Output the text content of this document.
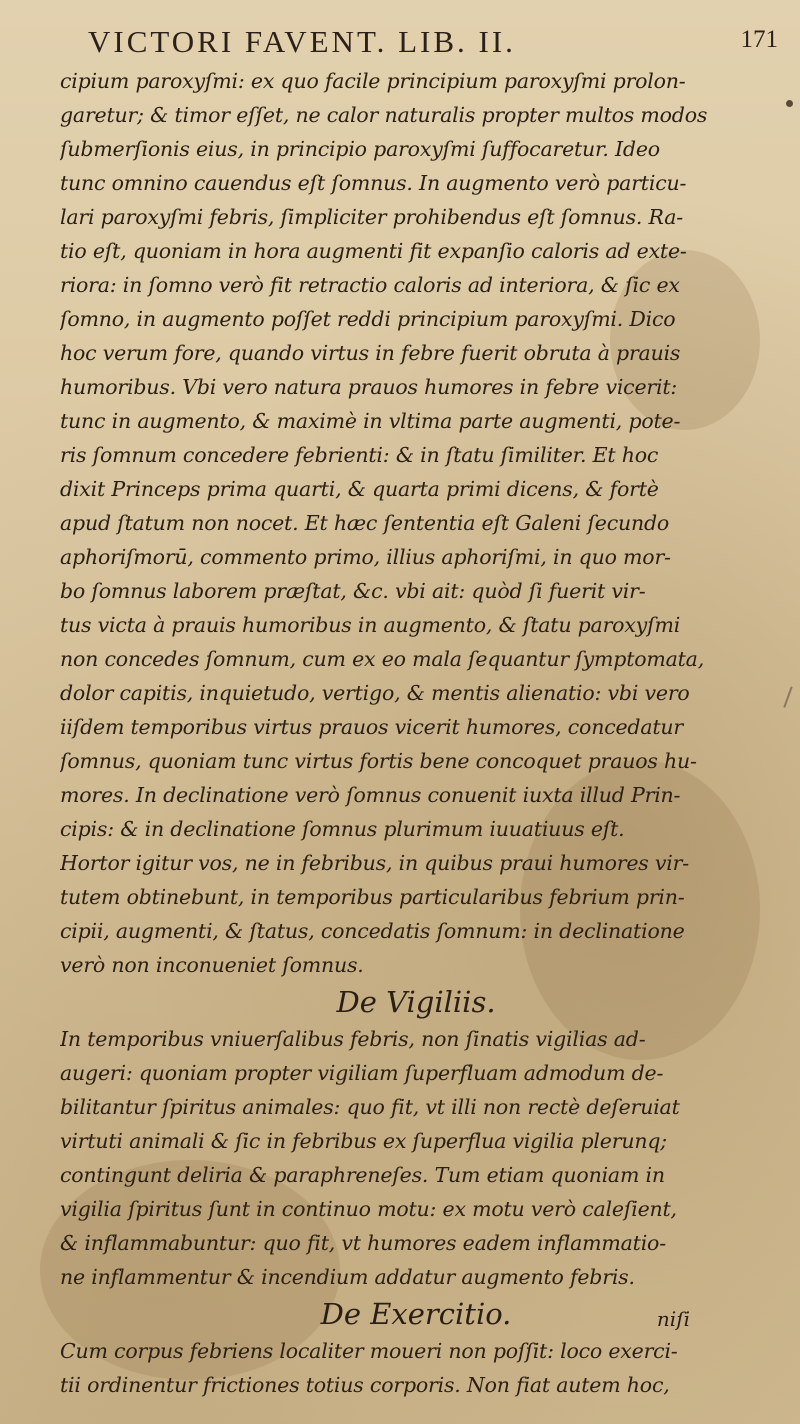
VICTORI FAVENT. LIB. II.	171
cipium paroxyſmi: ex quo facile principium paroxyſmi prolon-
garetur; & timor eſſet, ne calor naturalis propter multos modos
ſubmerſionis eius, in principio paroxyſmi ſuffocaretur. Ideo
tunc omnino cauendus eſt ſomnus. In augmento verò particu-
lari paroxyſmi febris, ſimpliciter prohibendus eſt ſomnus. Ra-
tio eſt, quoniam in hora augmenti fit expanſio caloris ad exte-
riora: in ſomno verò fit retractio caloris ad interiora, & ſic ex
ſomno, in augmento poſſet reddi principium paroxyſmi. Dico
hoc verum fore, quando virtus in febre fuerit obruta à prauis
humoribus. Vbi vero natura prauos humores in febre vicerit:
tunc in augmento, & maximè in vltima parte augmenti, pote-
ris ſomnum concedere febrienti: & in ſtatu ſimiliter. Et hoc
dixit Princeps prima quarti, & quarta primi dicens, & fortè
apud ſtatum non nocet. Et hæc ſententia eſt Galeni ſecundo
aphoriſmorū, commento primo, illius aphoriſmi, in quo mor-
bo ſomnus laborem præſtat, &c. vbi ait: quòd ſi fuerit vir-
tus victa à prauis humoribus in augmento, & ſtatu paroxyſmi
non concedes ſomnum, cum ex eo mala ſequantur ſymptomata,
dolor capitis, inquietudo, vertigo, & mentis alienatio: vbi vero
iiſdem temporibus virtus prauos vicerit humores, concedatur
ſomnus, quoniam tunc virtus fortis bene concoquet prauos hu-
mores. In declinatione verò ſomnus conuenit iuxta illud Prin-
cipis: & in declinatione ſomnus plurimum iuuatiuus eſt.
Hortor igitur vos, ne in febribus, in quibus praui humores vir-
tutem obtinebunt, in temporibus particularibus febrium prin-
cipii, augmenti, & ſtatus, concedatis ſomnum: in declinatione
verò non inconueniet ſomnus.
De Vigiliis.
In temporibus vniuerſalibus febris, non ſinatis vigilias ad-
augeri: quoniam propter vigiliam ſuperfluam admodum de-
bilitantur ſpiritus animales: quo fit, vt illi non rectè deſeruiat
virtuti animali & ſic in febribus ex ſuperflua vigilia plerunq;
contingunt deliria & paraphreneſes. Tum etiam quoniam in
vigilia ſpiritus ſunt in continuo motu: ex motu verò caleſient,
& inflammabuntur: quo fit, vt humores eadem inflammatio-
ne inflammentur & incendium addatur augmento febris.
De Exercitio.
Cum corpus febriens localiter moueri non poſſit: loco exerci-
tii ordinentur frictiones totius corporis. Non fiat autem hoc,
niſi
